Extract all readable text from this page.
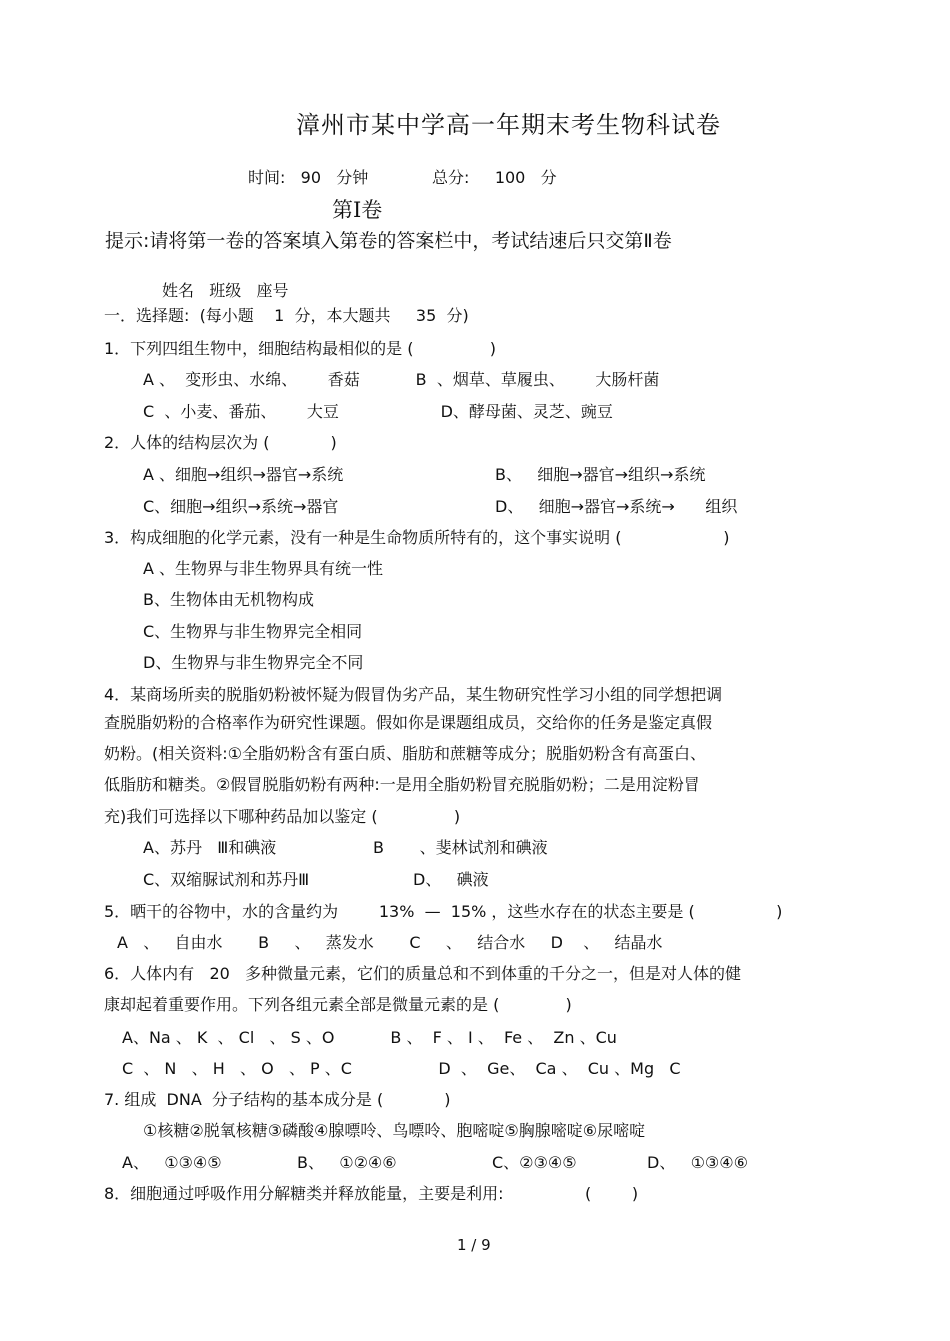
漳州市某中学高一年期末考生物科试卷
时间:   90   分钟	总分:     100   分
第Ⅰ卷
提示:请将第一卷的答案填入第卷的答案栏中，考试结速后只交第Ⅱ卷
姓名   班级   座号
一．选择题:  (每小题    1  分，本大题共     35  分)
1．下列四组生物中，细胞结构最相似的是 (               )
A 、  变形虫、水绵、      香菇           B  、烟草、草履虫、      大肠杆菌
C  、小麦、番茄、      大豆                    D、酵母菌、灵芝、豌豆
2．人体的结构层次为 (            )
A 、细胞→组织→器官→系统	B、   细胞→器官→组织→系统
C、细胞→组织→系统→器官	D、   细胞→器官→系统→      组织
3．构成细胞的化学元素，没有一种是生命物质所特有的，这个事实说明 (                    )
A 、生物界与非生物界具有统一性
B、生物体由无机物构成
C、生物界与非生物界完全相同
D、生物界与非生物界完全不同
4．某商场所卖的脱脂奶粉被怀疑为假冒伪劣产品，某生物研究性学习小组的同学想把调
查脱脂奶粉的合格率作为研究性课题。假如你是课题组成员，交给你的任务是鉴定真假
奶粉。(相关资料:①全脂奶粉含有蛋白质、脂肪和蔗糖等成分；脱脂奶粉含有高蛋白、
低脂肪和糖类。②假冒脱脂奶粉有两种:一是用全脂奶粉冒充脱脂奶粉；二是用淀粉冒
充)我们可选择以下哪种药品加以鉴定 (               )
A、苏丹   Ⅲ和碘液	B       、斐林试剂和碘液
C、双缩脲试剂和苏丹Ⅲ	D、   碘液
5．晒干的谷物中，水的含量约为        13%  —  15% ，这些水存在的状态主要是 (                )
A   、   自由水       B     、   蒸发水       C     、   结合水     D    、   结晶水
6．人体内有   20   多种微量元素，它们的质量总和不到体重的千分之一，但是对人体的健
康却起着重要作用。下列各组元素全部是微量元素的是 (             )
A、Na 、 K  、 Cl   、 S 、O           B 、  F 、 I 、  Fe 、  Zn 、Cu
C  、 N   、 H   、 O   、 P 、C                 D  、  Ge、  Ca 、  Cu 、Mg   C
7. 组成  DNA  分子结构的基本成分是 (            )
①核糖②脱氧核糖③磷酸④腺嘌呤、鸟嘌呤、胞嘧啶⑤胸腺嘧啶⑥尿嘧啶
A、   ①③④⑤	B、   ①②④⑥	C、②③④⑤	D、   ①③④⑥
8．细胞通过呼吸作用分解糖类并释放能量，主要是利用:                (        )
1 / 9
